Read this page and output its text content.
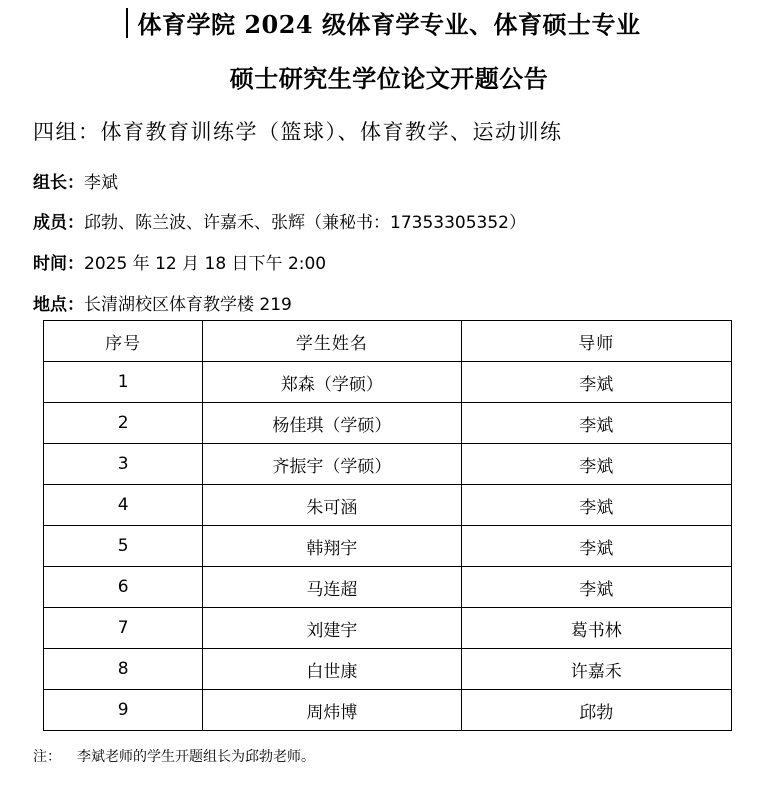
体育学院 2024 级体育学专业、体育硕士专业
硕士研究生学位论文开题公告
四组：体育教育训练学（篮球）、体育教学、运动训练
组长：李斌
成员：邱勃、陈兰波、许嘉禾、张辉（兼秘书：17353305352）
时间：2025 年 12 月 18 日下午 2:00
地点：长清湖校区体育教学楼 219
序号	学生姓名	导师
1	郑森（学硕）	李斌
2	杨佳琪（学硕）	李斌
3	齐振宇（学硕）	李斌
4	朱可涵	李斌
5	韩翔宇	李斌
6	马连超	李斌
7	刘建宇	葛书林
8	白世康	许嘉禾
9	周炜博	邱勃
注： 李斌老师的学生开题组长为邱勃老师。
